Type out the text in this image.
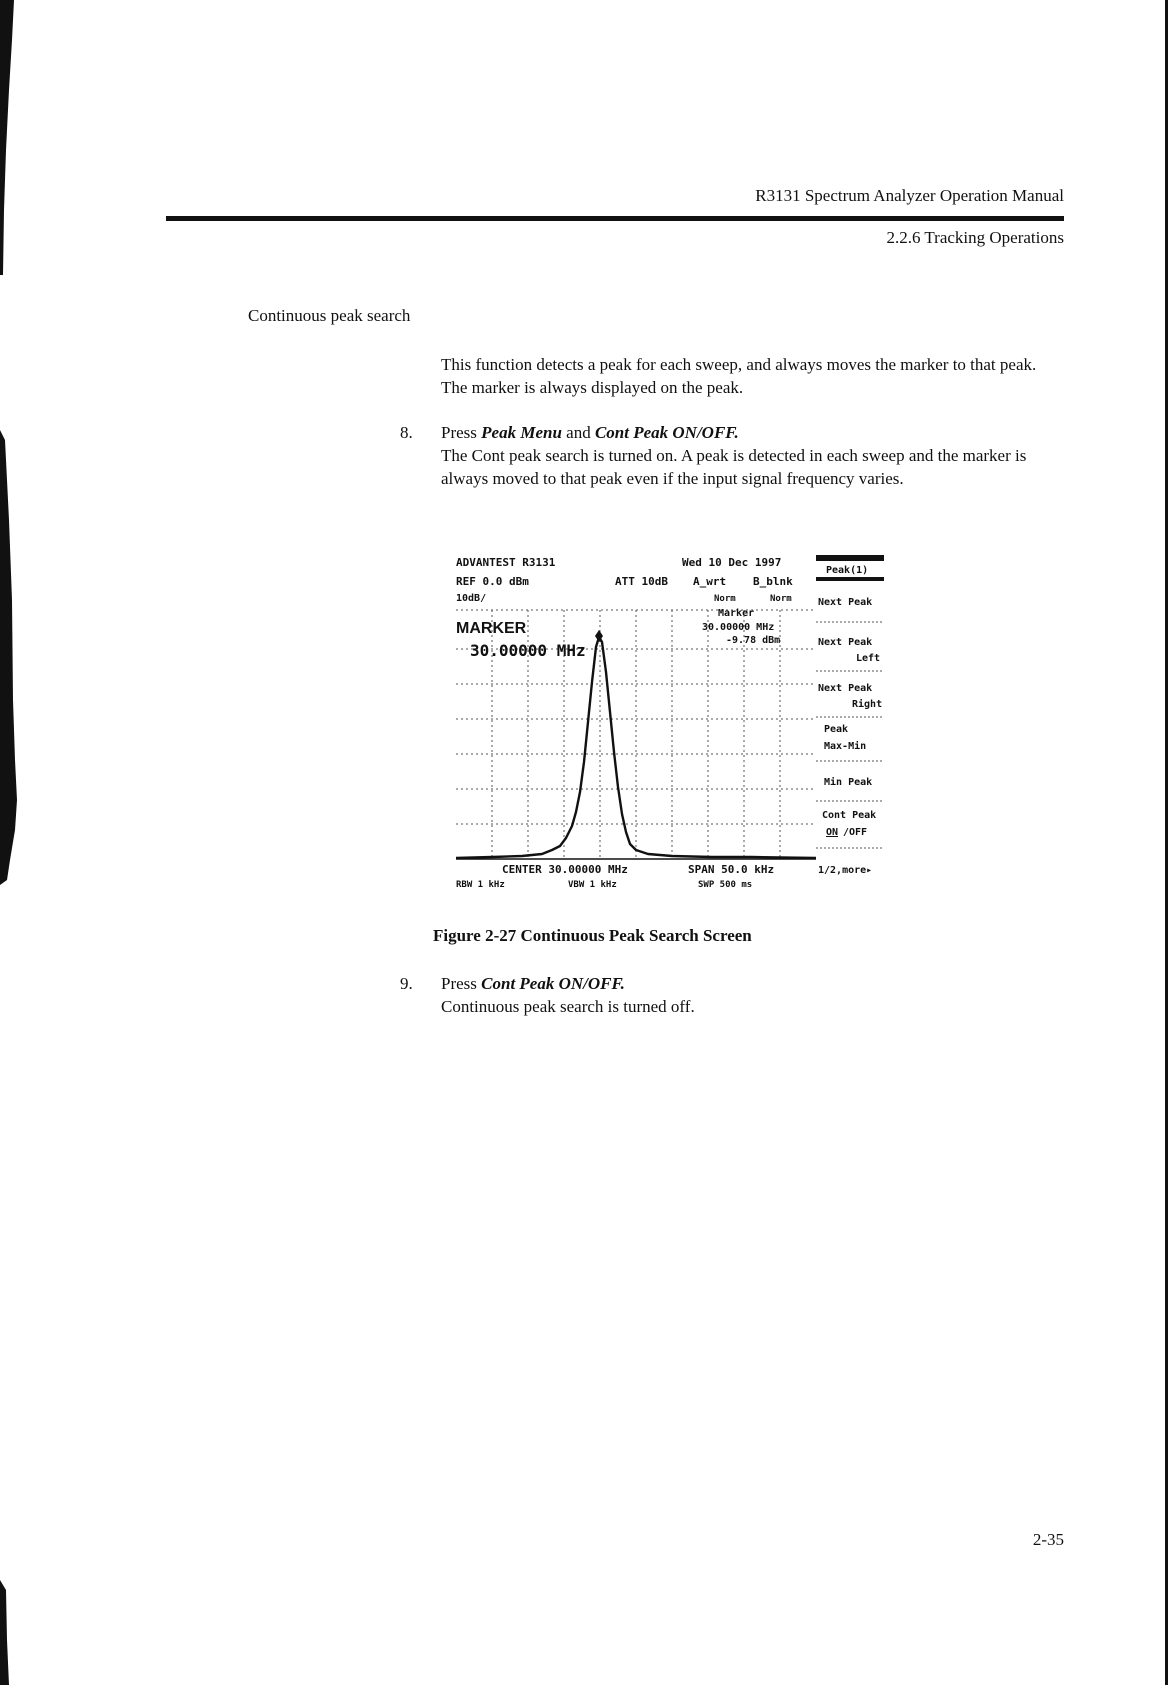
R3131 Spectrum Analyzer Operation Manual
2.2.6 Tracking Operations
Continuous peak search
This function detects a peak for each sweep, and always moves the marker to that peak. The marker is always displayed on the peak.
8. Press Peak Menu and Cont Peak ON/OFF.
The Cont peak search is turned on. A peak is detected in each sweep and the marker is always moved to that peak even if the input signal frequency varies.
ADVANTEST R3131	Wed 10 Dec 1997
REF 0.0 dBm	ATT 10dB A_wrt B_blnk
10dB/	Norm	Norm
Marker
30.00000 MHz
-9.78 dBm
MARKER
30.00000 MHz
CENTER 30.00000 MHz	SPAN 50.0 kHz
RBW 1 kHz	VBW 1 kHz	SWP 500 ms
Peak(1)
Next Peak
Next Peak
Left
Next Peak
Right
Peak
Max-Min
Min Peak
Cont Peak
ON /OFF
1/2,more▸
Figure 2-27 Continuous Peak Search Screen
9. Press Cont Peak ON/OFF.
Continuous peak search is turned off.
2-35
